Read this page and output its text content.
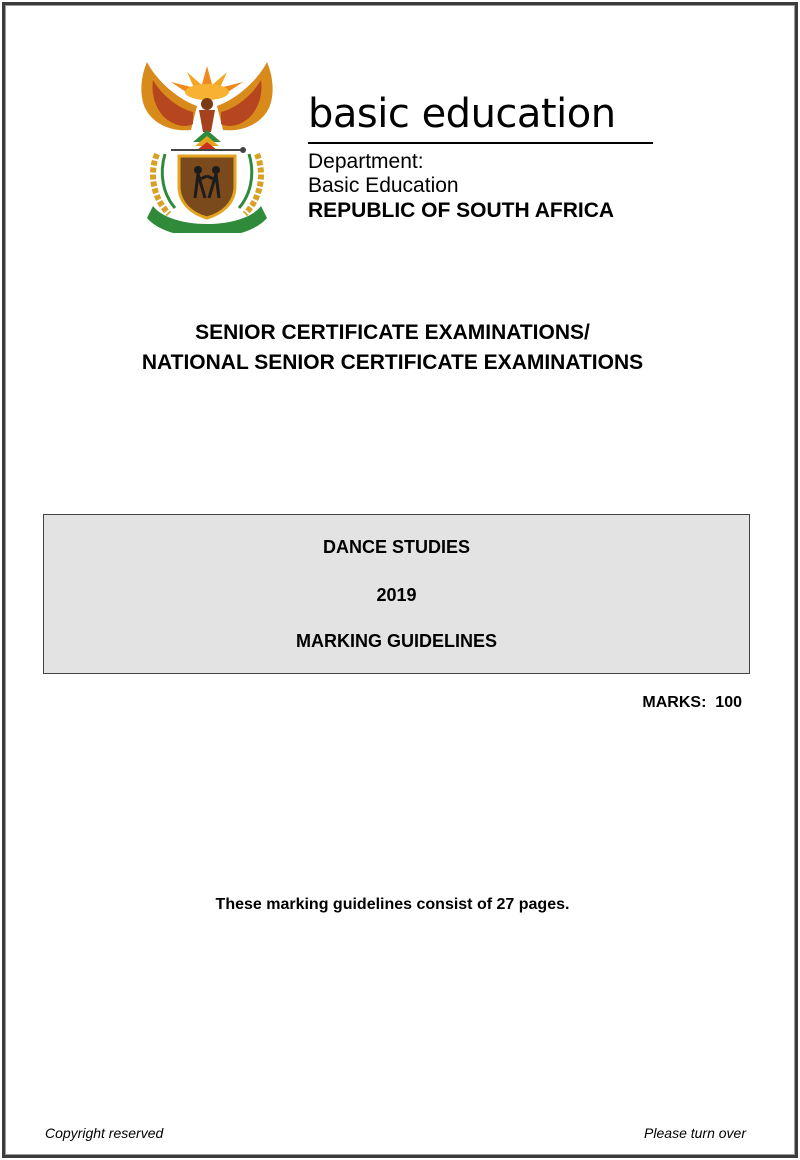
basic education
Department:
Basic Education
REPUBLIC OF SOUTH AFRICA
SENIOR CERTIFICATE EXAMINATIONS/
NATIONAL SENIOR CERTIFICATE EXAMINATIONS
DANCE STUDIES
2019
MARKING GUIDELINES
MARKS:  100
These marking guidelines consist of 27 pages.
Copyright reserved	Please turn over
